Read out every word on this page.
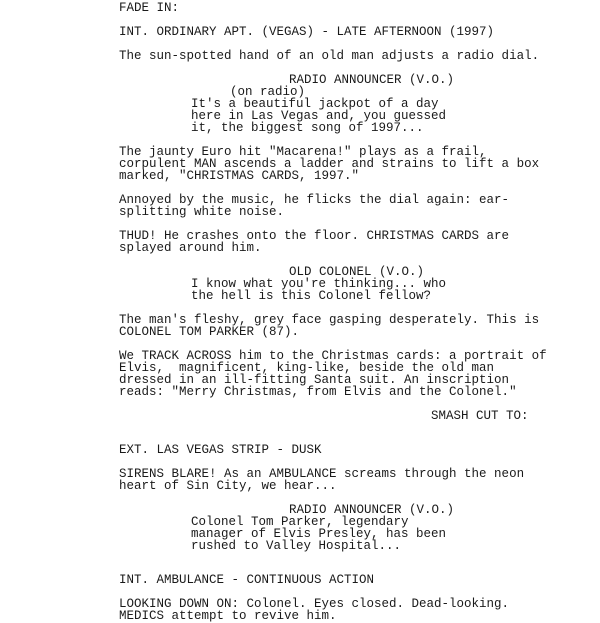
FADE IN:
INT. ORDINARY APT. (VEGAS) - LATE AFTERNOON (1997)
The sun-spotted hand of an old man adjusts a radio dial.
RADIO ANNOUNCER (V.O.)
(on radio)
It's a beautiful jackpot of a day
here in Las Vegas and, you guessed
it, the biggest song of 1997...
The jaunty Euro hit "Macarena!" plays as a frail,
corpulent MAN ascends a ladder and strains to lift a box
marked, "CHRISTMAS CARDS, 1997."
Annoyed by the music, he flicks the dial again: ear-
splitting white noise.
THUD! He crashes onto the floor. CHRISTMAS CARDS are
splayed around him.
OLD COLONEL (V.O.)
I know what you're thinking... who
the hell is this Colonel fellow?
The man's fleshy, grey face gasping desperately. This is
COLONEL TOM PARKER (87).
We TRACK ACROSS him to the Christmas cards: a portrait of
Elvis,  magnificent, king-like, beside the old man
dressed in an ill-fitting Santa suit. An inscription
reads: "Merry Christmas, from Elvis and the Colonel."
SMASH CUT TO:
EXT. LAS VEGAS STRIP - DUSK
SIRENS BLARE! As an AMBULANCE screams through the neon
heart of Sin City, we hear...
RADIO ANNOUNCER (V.O.)
Colonel Tom Parker, legendary
manager of Elvis Presley, has been
rushed to Valley Hospital...
INT. AMBULANCE - CONTINUOUS ACTION
LOOKING DOWN ON: Colonel. Eyes closed. Dead-looking.
MEDICS attempt to revive him.
